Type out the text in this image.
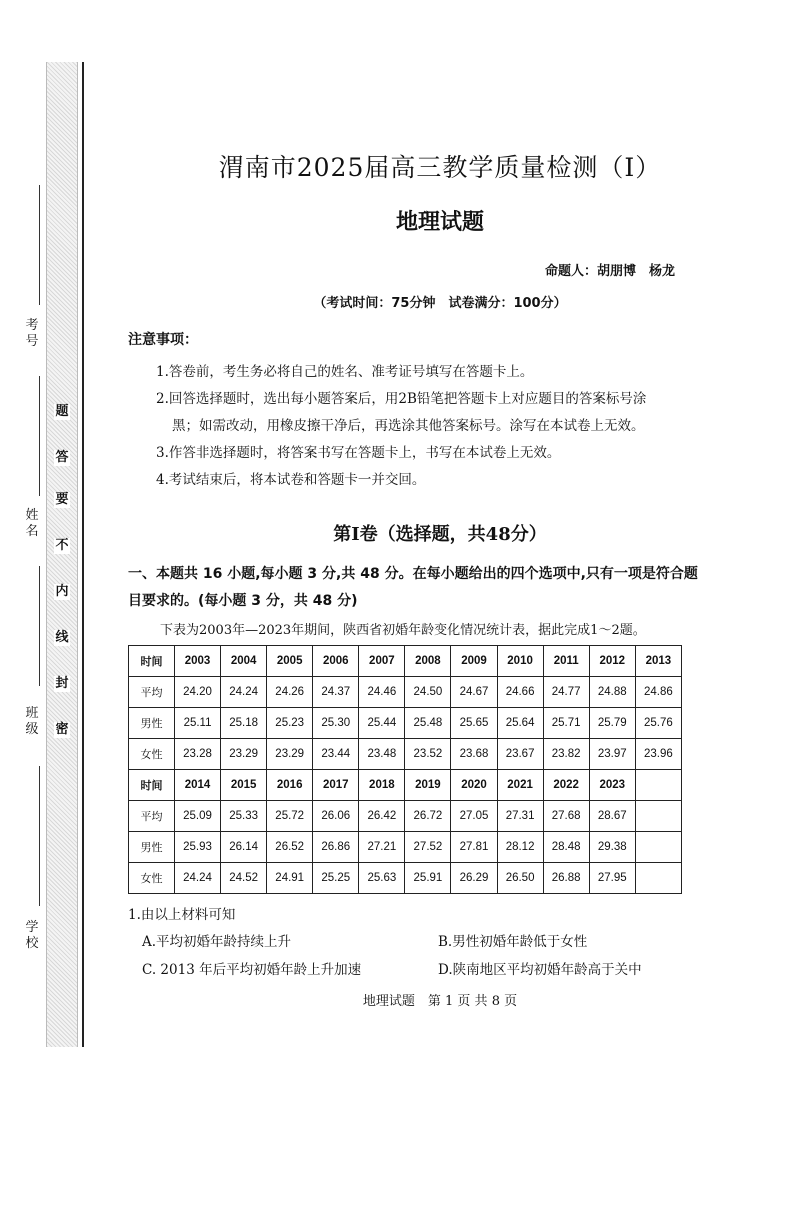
题
答
要
不
内
线
封
密
考号
姓名
班级
学校
渭南市2025届高三教学质量检测（Ⅰ）
地理试题
命题人：胡朋博　杨龙
（考试时间：75分钟　试卷满分：100分）
注意事项：
1.答卷前，考生务必将自己的姓名、准考证号填写在答题卡上。
2.回答选择题时，选出每小题答案后，用2B铅笔把答题卡上对应题目的答案标号涂
黑；如需改动，用橡皮擦干净后，再选涂其他答案标号。涂写在本试卷上无效。
3.作答非选择题时，将答案书写在答题卡上，书写在本试卷上无效。
4.考试结束后，将本试卷和答题卡一并交回。
第Ⅰ卷（选择题，共48分）
一、本题共 16 小题,每小题 3 分,共 48 分。在每小题给出的四个选项中,只有一项是符合题
目要求的。(每小题 3 分，共 48 分)
下表为2003年—2023年期间，陕西省初婚年龄变化情况统计表，据此完成1～2题。
时间	2003	2004	2005	2006	2007	2008	2009	2010	2011	2012	2013
平均	24.20	24.24	24.26	24.37	24.46	24.50	24.67	24.66	24.77	24.88	24.86
男性	25.11	25.18	25.23	25.30	25.44	25.48	25.65	25.64	25.71	25.79	25.76
女性	23.28	23.29	23.29	23.44	23.48	23.52	23.68	23.67	23.82	23.97	23.96
时间	2014	2015	2016	2017	2018	2019	2020	2021	2022	2023	
平均	25.09	25.33	25.72	26.06	26.42	26.72	27.05	27.31	27.68	28.67	
男性	25.93	26.14	26.52	26.86	27.21	27.52	27.81	28.12	28.48	29.38	
女性	24.24	24.52	24.91	25.25	25.63	25.91	26.29	26.50	26.88	27.95	
1.由以上材料可知
A.平均初婚年龄持续上升	B.男性初婚年龄低于女性
C. 2013 年后平均初婚年龄上升加速	D.陕南地区平均初婚年龄高于关中
地理试题　第 1 页 共 8 页
